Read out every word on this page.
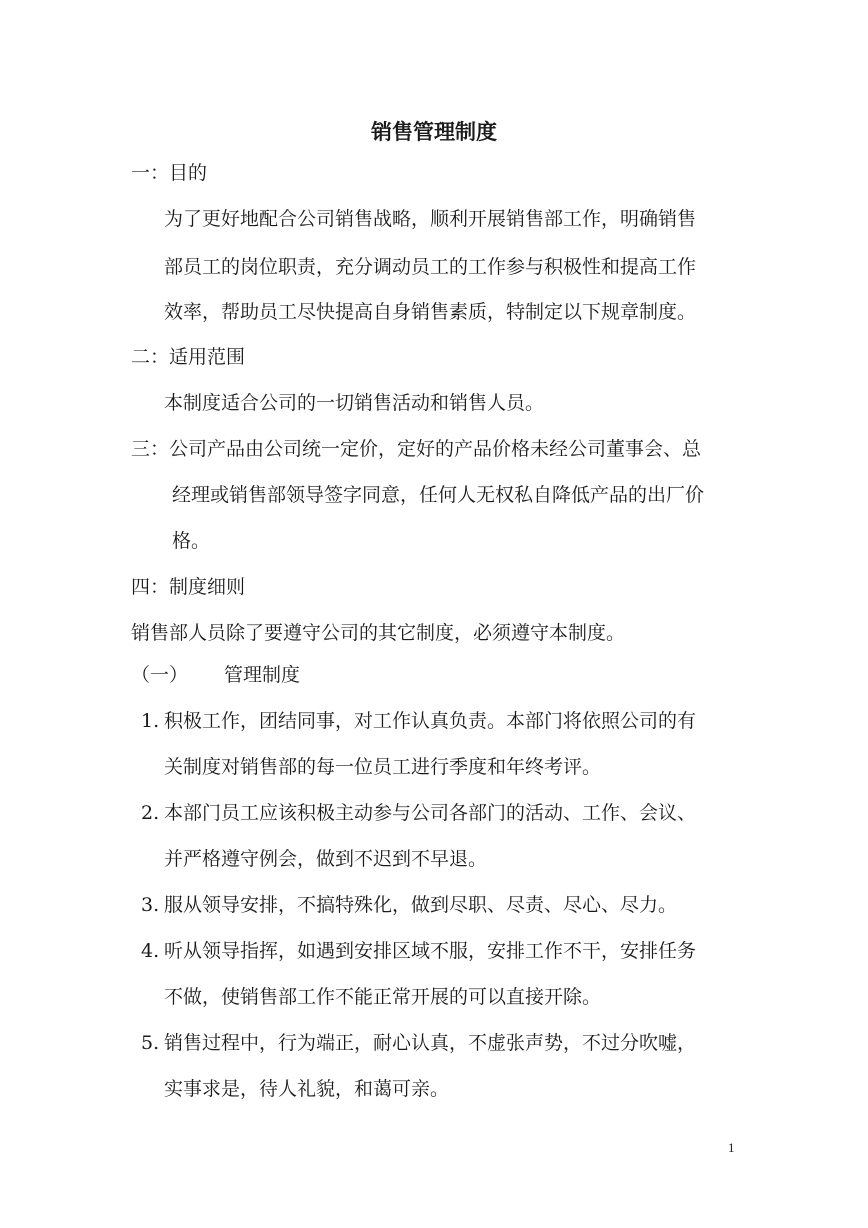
销售管理制度
一：目的
为了更好地配合公司销售战略，顺利开展销售部工作，明确销售
部员工的岗位职责，充分调动员工的工作参与积极性和提高工作
效率，帮助员工尽快提高自身销售素质，特制定以下规章制度。
二：适用范围
本制度适合公司的一切销售活动和销售人员。
三：公司产品由公司统一定价，定好的产品价格未经公司董事会、总
经理或销售部领导签字同意，任何人无权私自降低产品的出厂价
格。
四：制度细则
销售部人员除了要遵守公司的其它制度，必须遵守本制度。
（一） 管理制度
1. 积极工作，团结同事，对工作认真负责。本部门将依照公司的有
关制度对销售部的每一位员工进行季度和年终考评。
2. 本部门员工应该积极主动参与公司各部门的活动、工作、会议、
并严格遵守例会，做到不迟到不早退。
3. 服从领导安排，不搞特殊化，做到尽职、尽责、尽心、尽力。
4. 听从领导指挥，如遇到安排区域不服，安排工作不干，安排任务
不做，使销售部工作不能正常开展的可以直接开除。
5. 销售过程中，行为端正，耐心认真，不虚张声势，不过分吹嘘，
实事求是，待人礼貌，和蔼可亲。
1
